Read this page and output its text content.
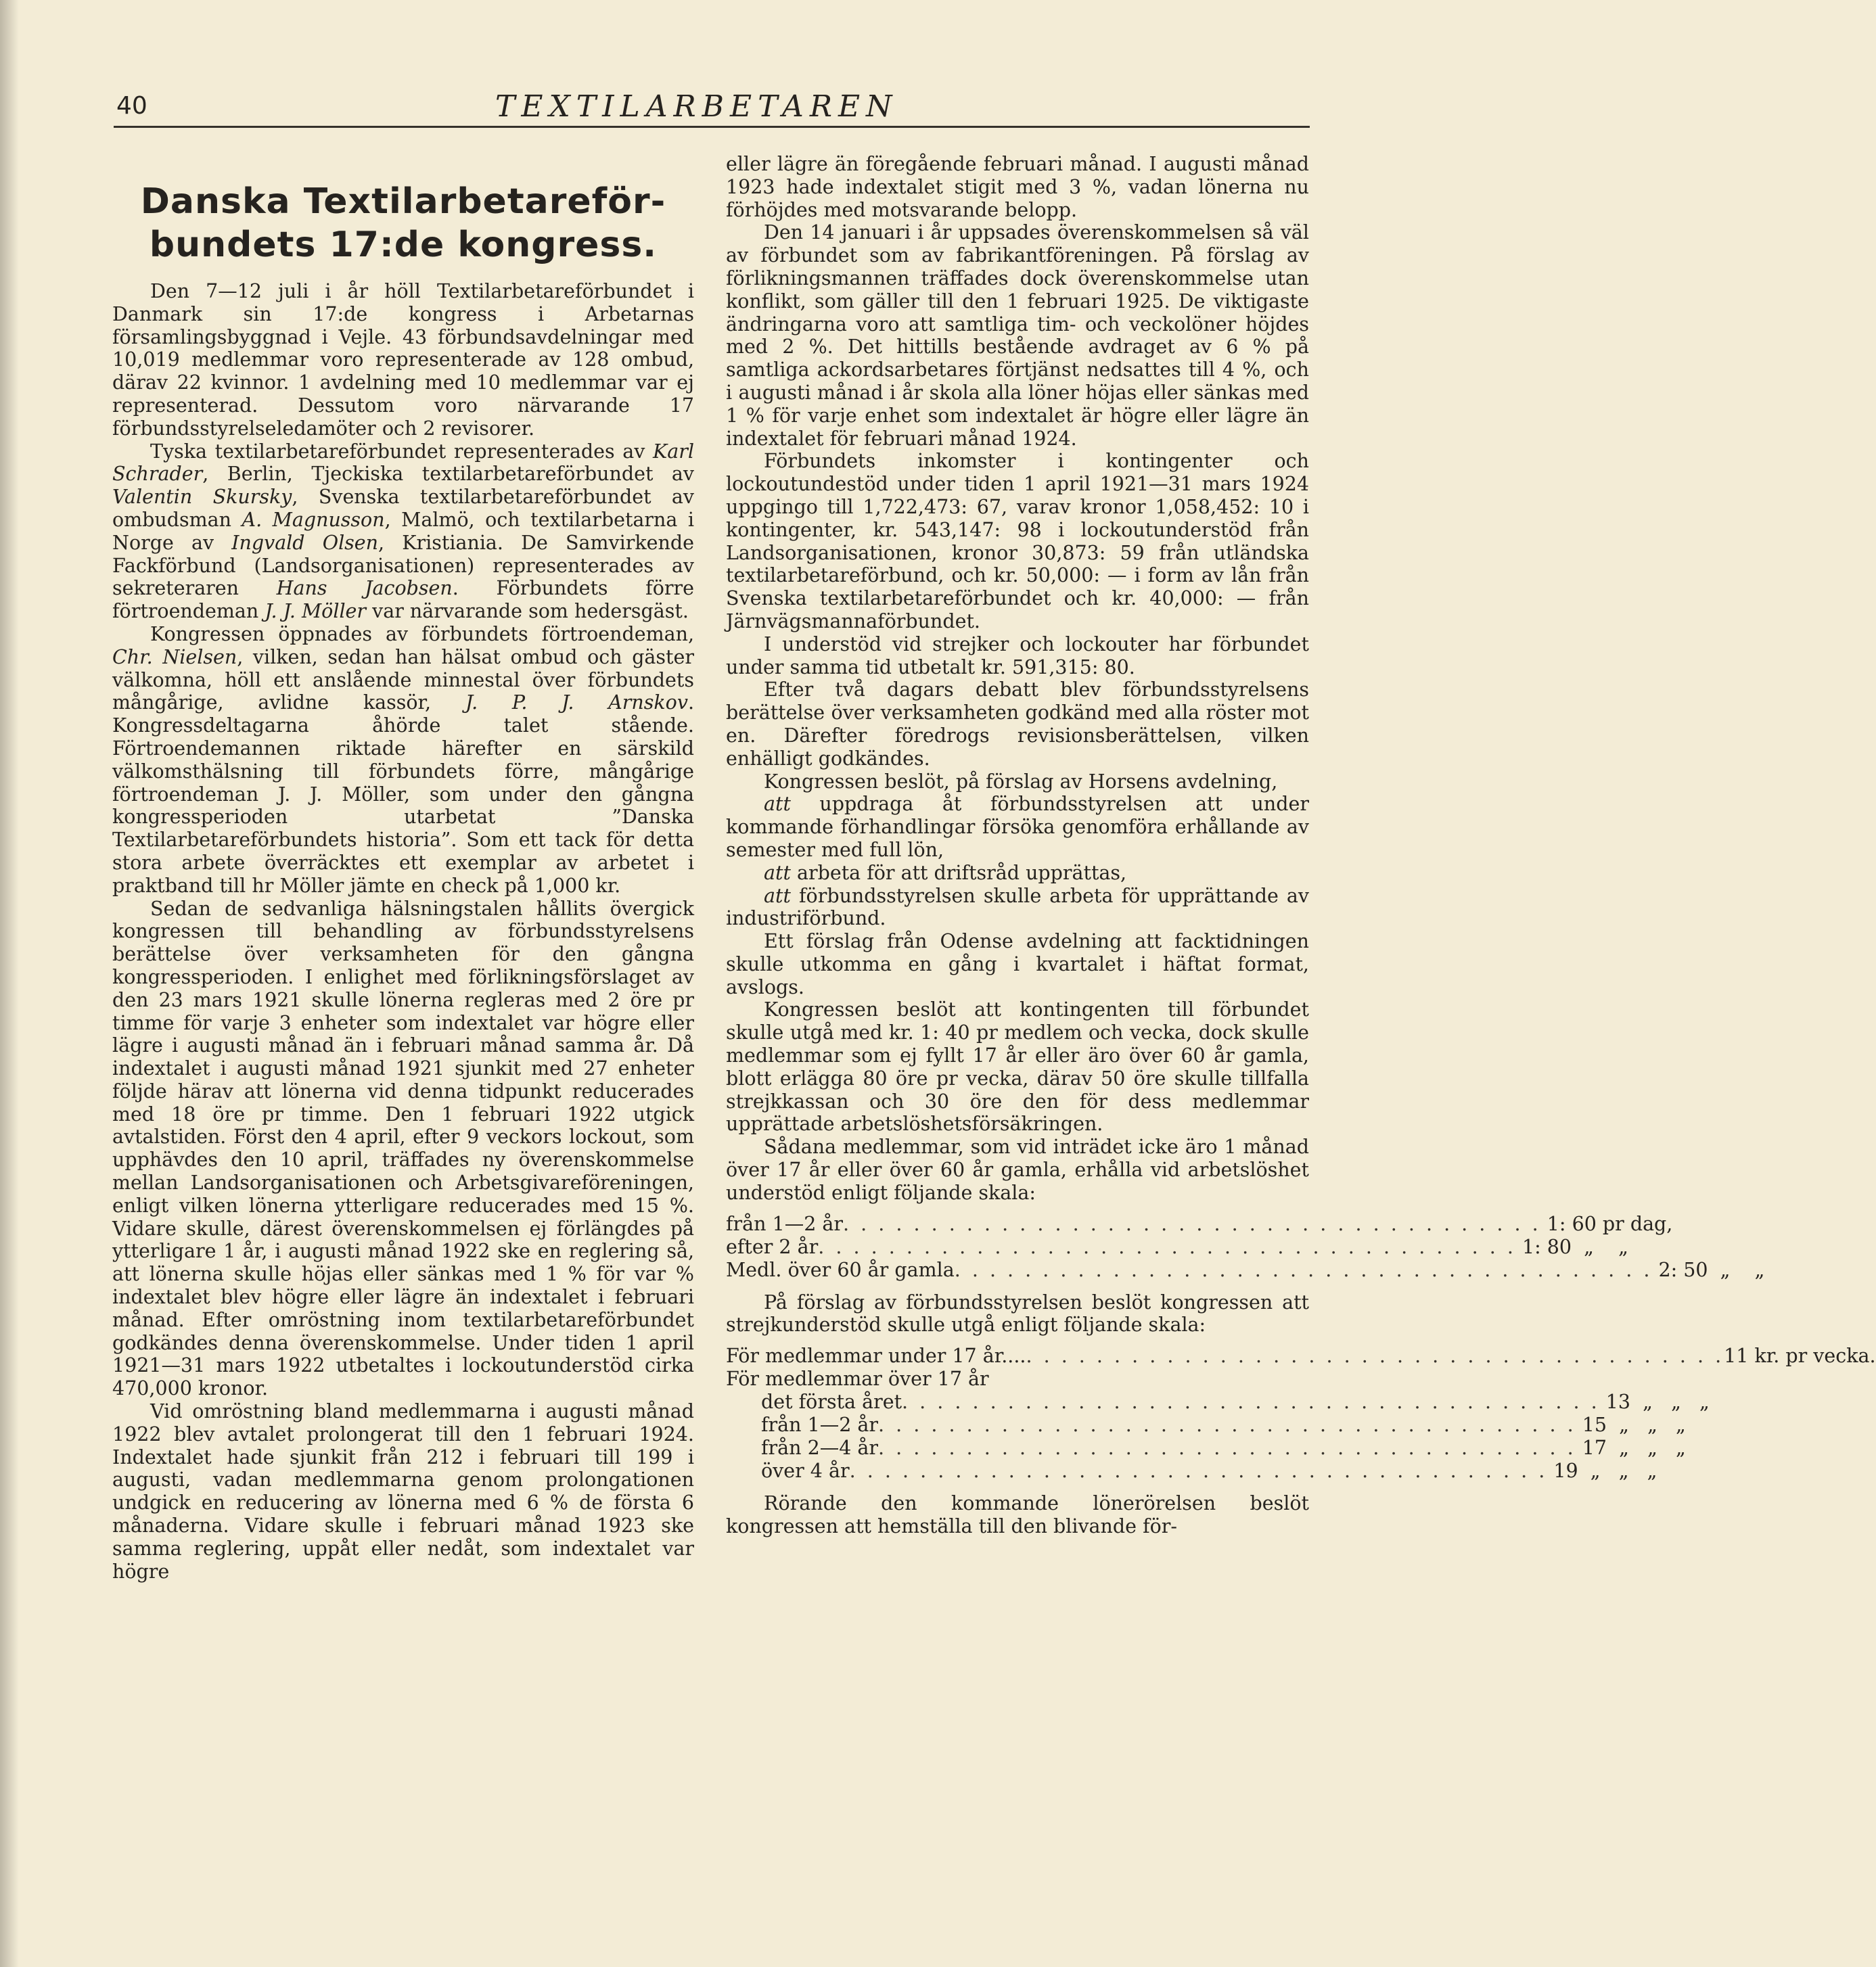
40	TEXTILARBETAREN
Danska Textilarbetareför-
bundets 17:de kongress.

Den 7—12 juli i år höll Textilarbetareförbundet i Danmark sin 17:de kongress i Arbetarnas församlingsbyggnad i Vejle. 43 förbundsavdelningar med 10,019 medlemmar voro representerade av 128 ombud, därav 22 kvinnor. 1 avdelning med 10 medlemmar var ej representerad. Dessutom voro närvarande 17 förbundsstyrelseledamöter och 2 revisorer.

Tyska textilarbetareförbundet representerades av Karl Schrader, Berlin, Tjeckiska textilarbetareförbundet av Valentin Skursky, Svenska textilarbetareförbundet av ombudsman A. Magnusson, Malmö, och textilarbetarna i Norge av Ingvald Olsen, Kristiania. De Samvirkende Fackförbund (Landsorganisationen) representerades av sekreteraren Hans Jacobsen. Förbundets förre förtroendeman J. J. Möller var närvarande som hedersgäst.

Kongressen öppnades av förbundets förtroendeman, Chr. Nielsen, vilken, sedan han hälsat ombud och gäster välkomna, höll ett anslående minnestal över förbundets mångårige, avlidne kassör, J. P. J. Arnskov. Kongressdeltagarna åhörde talet stående. Förtroendemannen riktade härefter en särskild välkomsthälsning till förbundets förre, mångårige förtroendeman J. J. Möller, som under den gångna kongressperioden utarbetat ”Danska Textilarbetareförbundets historia”. Som ett tack för detta stora arbete överräcktes ett exemplar av arbetet i praktband till hr Möller jämte en check på 1,000 kr.

Sedan de sedvanliga hälsningstalen hållits övergick kongressen till behandling av förbundsstyrelsens berättelse över verksamheten för den gångna kongressperioden. I enlighet med förlikningsförslaget av den 23 mars 1921 skulle lönerna regleras med 2 öre pr timme för varje 3 enheter som indextalet var högre eller lägre i augusti månad än i februari månad samma år. Då indextalet i augusti månad 1921 sjunkit med 27 enheter följde härav att lönerna vid denna tidpunkt reducerades med 18 öre pr timme. Den 1 februari 1922 utgick avtalstiden. Först den 4 april, efter 9 veckors lockout, som upphävdes den 10 april, träffades ny överenskommelse mellan Landsorganisationen och Arbetsgivareföreningen, enligt vilken lönerna ytterligare reducerades med 15 %. Vidare skulle, därest överenskommelsen ej förlängdes på ytterligare 1 år, i augusti månad 1922 ske en reglering så, att lönerna skulle höjas eller sänkas med 1 % för var % indextalet blev högre eller lägre än indextalet i februari månad. Efter omröstning inom textilarbetareförbundet godkändes denna överenskommelse. Under tiden 1 april 1921—31 mars 1922 utbetaltes i lockoutunderstöd cirka 470,000 kronor.

Vid omröstning bland medlemmarna i augusti månad 1922 blev avtalet prolongerat till den 1 februari 1924. Indextalet hade sjunkit från 212 i februari till 199 i augusti, vadan medlemmarna genom prolongationen undgick en reducering av lönerna med 6 % de första 6 månaderna. Vidare skulle i februari månad 1923 ske samma reglering, uppåt eller nedåt, som indextalet var högre

eller lägre än föregående februari månad. I augusti månad 1923 hade indextalet stigit med 3 %, vadan lönerna nu förhöjdes med motsvarande belopp.

Den 14 januari i år uppsades överenskommelsen så väl av förbundet som av fabrikantföreningen. På förslag av förlikningsmannen träffades dock överenskommelse utan konflikt, som gäller till den 1 februari 1925. De viktigaste ändringarna voro att samtliga tim- och veckolöner höjdes med 2 %. Det hittills bestående avdraget av 6 % på samtliga ackordsarbetares förtjänst nedsattes till 4 %, och i augusti månad i år skola alla löner höjas eller sänkas med 1 % för varje enhet som indextalet är högre eller lägre än indextalet för februari månad 1924.

Förbundets inkomster i kontingenter och lockoutundestöd under tiden 1 april 1921—31 mars 1924 uppgingo till 1,722,473: 67, varav kronor 1,058,452: 10 i kontingenter, kr. 543,147: 98 i lockoutunderstöd från Landsorganisationen, kronor 30,873: 59 från utländska textilarbetareförbund, och kr. 50,000: — i form av lån från Svenska textilarbetareförbundet och kr. 40,000: — från Järnvägsmannaförbundet.

I understöd vid strejker och lockouter har förbundet under samma tid utbetalt kr. 591,315: 80.

Efter två dagars debatt blev förbundsstyrelsens berättelse över verksamheten godkänd med alla röster mot en. Därefter föredrogs revisionsberättelsen, vilken enhälligt godkändes.

Kongressen beslöt, på förslag av Horsens avdelning,

att uppdraga åt förbundsstyrelsen att under kommande förhandlingar försöka genomföra erhållande av semester med full lön,

att arbeta för att driftsråd upprättas,

att förbundsstyrelsen skulle arbeta för upprättande av industriförbund.

Ett förslag från Odense avdelning att facktidningen skulle utkomma en gång i kvartalet i häftat format, avslogs.

Kongressen beslöt att kontingenten till förbundet skulle utgå med kr. 1: 40 pr medlem och vecka, dock skulle medlemmar som ej fyllt 17 år eller äro över 60 år gamla, blott erlägga 80 öre pr vecka, därav 50 öre skulle tillfalla strejkkassan och 30 öre den för dess medlemmar upprättade arbetslöshetsförsäkringen.

Sådana medlemmar, som vid inträdet icke äro 1 månad över 17 år eller över 60 år gamla, erhålla vid arbetslöshet understöd enligt följande skala:

från 1—2 år . . . . . . . . . . . . . . . . . . . . . . . . . . . . . . . . . . . . . . . . 1: 60 pr dag,
efter 2 år . . . . . . . . . . . . . . . . . . . . . . . . . . . . . . . . . . . . . . . . 1: 80  „    „
Medl. över 60 år gamla . . . . . . . . . . . . . . . . . . . . . . . . . . . . . . . . . . . . . . . . 2: 50  „    „

På förslag av förbundsstyrelsen beslöt kongressen att strejkunderstöd skulle utgå enligt följande skala:

För medlemmar under 17 år.... . . . . . . . . . . . . . . . . . . . . . . . . . . . . . . . . . . . . . . . . 11 kr. pr vecka.
För medlemmar över 17 år
det första året . . . . . . . . . . . . . . . . . . . . . . . . . . . . . . . . . . . . . . . . 13  „   „   „
från 1—2 år . . . . . . . . . . . . . . . . . . . . . . . . . . . . . . . . . . . . . . . . 15  „   „   „
från 2—4 år . . . . . . . . . . . . . . . . . . . . . . . . . . . . . . . . . . . . . . . . 17  „   „   „
över 4 år . . . . . . . . . . . . . . . . . . . . . . . . . . . . . . . . . . . . . . . . 19  „   „   „

Rörande den kommande lönerörelsen beslöt kongressen att hemställa till den blivande för-
